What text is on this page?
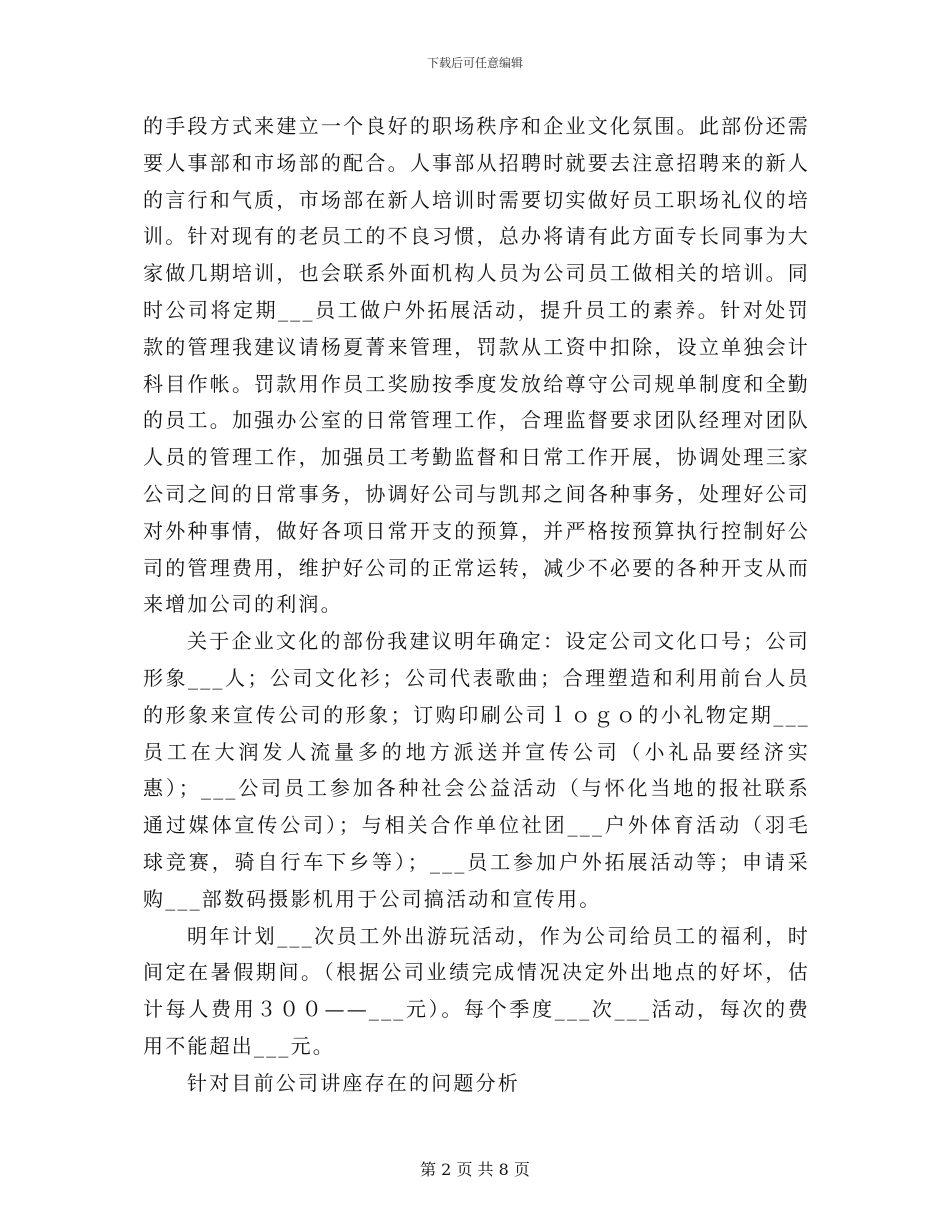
下载后可任意编辑

的手段方式来建立一个良好的职场秩序和企业文化氛围。此部份还需要人事部和市场部的配合。人事部从招聘时就要去注意招聘来的新人的言行和气质，市场部在新人培训时需要切实做好员工职场礼仪的培训。针对现有的老员工的不良习惯，总办将请有此方面专长同事为大家做几期培训，也会联系外面机构人员为公司员工做相关的培训。同时公司将定期___员工做户外拓展活动，提升员工的素养。针对处罚款的管理我建议请杨夏菁来管理，罚款从工资中扣除，设立单独会计科目作帐。罚款用作员工奖励按季度发放给尊守公司规单制度和全勤的员工。加强办公室的日常管理工作，合理监督要求团队经理对团队人员的管理工作，加强员工考勤监督和日常工作开展，协调处理三家公司之间的日常事务，协调好公司与凯邦之间各种事务，处理好公司对外种事情，做好各项日常开支的预算，并严格按预算执行控制好公司的管理费用，维护好公司的正常运转，减少不必要的各种开支从而来增加公司的利润。

关于企业文化的部份我建议明年确定：设定公司文化口号；公司形象___人；公司文化衫；公司代表歌曲；合理塑造和利用前台人员的形象来宣传公司的形象；订购印刷公司ｌｏｇｏ的小礼物定期___员工在大润发人流量多的地方派送并宣传公司（小礼品要经济实惠）；___公司员工参加各种社会公益活动（与怀化当地的报社联系通过媒体宣传公司）；与相关合作单位社团___户外体育活动（羽毛球竞赛，骑自行车下乡等）；___员工参加户外拓展活动等；申请采购___部数码摄影机用于公司搞活动和宣传用。

明年计划___次员工外出游玩活动，作为公司给员工的福利，时间定在暑假期间。（根据公司业绩完成情况决定外出地点的好坏，估计每人费用３００——___元）。每个季度___次___活动，每次的费用不能超出___元。

针对目前公司讲座存在的问题分析

第 2 页 共 8 页
